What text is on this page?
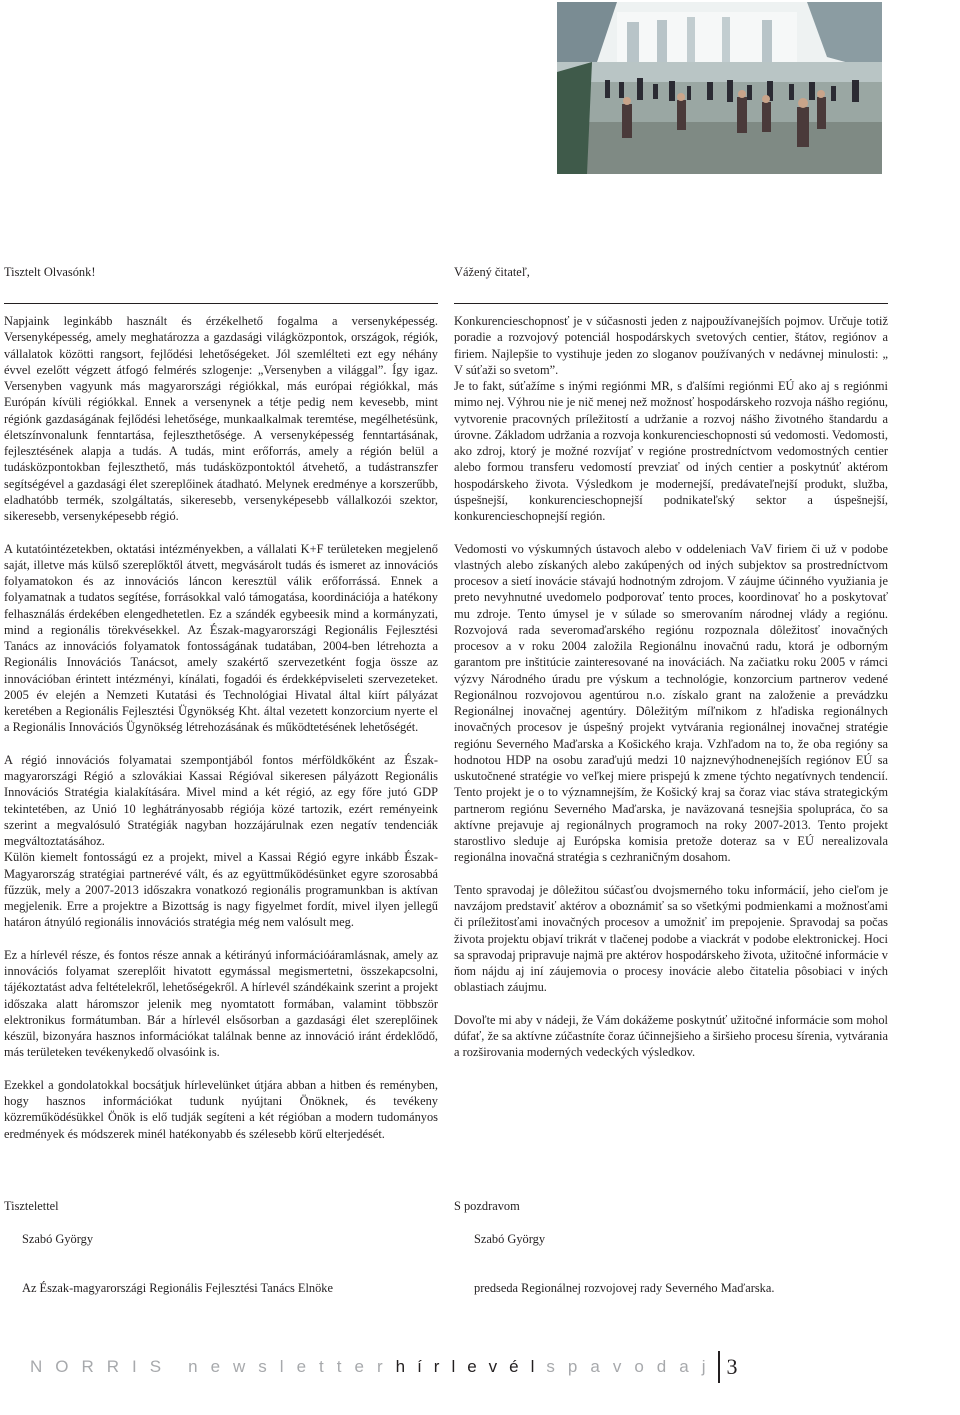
Tisztelt Olvasónk!

Napjaink leginkább használt és érzékelhető fogalma a versenyképesség. Versenyképesség, amely meghatározza a gazdasági világközpontok, országok, régiók, vállalatok közötti rangsort, fejlődési lehetőségeket. Jól szemlélteti ezt egy néhány évvel ezelőtt végzett átfogó felmérés szlogenje: „Versenyben a világgal”. Így igaz. Versenyben vagyunk más magyarországi régiókkal, más európai régiókkal, más Európán kívüli régiókkal. Ennek a versenynek a tétje pedig nem kevesebb, mint régiónk gazdaságának fejlődési lehetősége, munkaalkalmak teremtése, megélhetésünk, életszínvonalunk fenntartása, fejleszthetősége. A versenyképesség fenntartásának, fejlesztésének alapja a tudás. A tudás, mint erőforrás, amely a régión belül a tudásközpontokban fejleszthető, más tudásközpontoktól átvehető, a tudástranszfer segítségével a gazdasági élet szereplőinek átadható. Melynek eredménye a korszerűbb, eladhatóbb termék, szolgáltatás, sikeresebb, versenyképesebb vállalkozói szektor, sikeresebb, versenyképesebb régió.

A kutatóintézetekben, oktatási intézményekben, a vállalati K+F területeken megjelenő saját, illetve más külső szereplőktől átvett, megvásárolt tudás és ismeret az innovációs folyamatokon és az innovációs láncon keresztül válik erőforrássá. Ennek a folyamatnak a tudatos segítése, forrásokkal való támogatása, koordinációja a hatékony felhasználás érdekében elengedhetetlen. Ez a szándék egybeesik mind a kormányzati, mind a regionális törekvésekkel. Az Észak-magyarországi Regionális Fejlesztési Tanács az innovációs folyamatok fontosságának tudatában, 2004-ben létrehozta a Regionális Innovációs Tanácsot, amely szakértő szervezetként fogja össze az innovációban érintett intézményi, kínálati, fogadói és érdekképviseleti szervezeteket. 2005 év elején a Nemzeti Kutatási és Technológiai Hivatal által kiírt pályázat keretében a Regionális Fejlesztési Ügynökség Kht. által vezetett konzorcium nyerte el a Regionális Innovációs Ügynökség létrehozásának és működtetésének lehetőségét.

A régió innovációs folyamatai szempontjából fontos mérföldkőként az Észak-magyarországi Régió a szlovákiai Kassai Régióval sikeresen pályázott Regionális Innovációs Stratégia kialakítására. Mivel mind a két régió, az egy főre jutó GDP tekintetében, az Unió 10 leghátrányosabb régiója közé tartozik, ezért reményeink szerint a megvalósuló Stratégiák nagyban hozzájárulnak ezen negatív tendenciák megváltoztatásához.

Külön kiemelt fontosságú ez a projekt, mivel a Kassai Régió egyre inkább Észak-Magyarország stratégiai partnerévé vált, és az együttműködésünket egyre szorosabbá fűzzük, mely a 2007-2013 időszakra vonatkozó regionális programunkban is aktívan megjelenik. Erre a projektre a Bizottság is nagy figyelmet fordít, mivel ilyen jellegű határon átnyúló regionális innovációs stratégia még nem valósult meg.

Ez a hírlevél része, és fontos része annak a kétirányú információáramlásnak, amely az innovációs folyamat szereplőit hivatott egymással megismertetni, összekapcsolni, tájékoztatást adva feltételekről, lehetőségekről. A hírlevél szándékaink szerint a projekt időszaka alatt háromszor jelenik meg nyomtatott formában, valamint többször elektronikus formátumban. Bár a hírlevél elsősorban a gazdasági élet szereplőinek készül, bizonyára hasznos információkat találnak benne az innováció iránt érdeklődő, más területeken tevékenykedő olvasóink is.

Ezekkel a gondolatokkal bocsátjuk hírlevelünket útjára abban a hitben és reményben, hogy hasznos információkat tudunk nyújtani Önöknek, és tevékeny közreműködésükkel Önök is elő tudják segíteni a két régióban a modern tudományos eredmények és módszerek minél hatékonyabb és szélesebb körű elterjedését.

Tisztelettel
Szabó György
Az Észak-magyarországi Regionális Fejlesztési Tanács Elnöke
Vážený čitateľ,

Konkurencieschopnosť je v súčasnosti jeden z najpoužívanejších pojmov. Určuje totiž poradie a rozvojový potenciál hospodárskych svetových centier, štátov, regiónov a firiem. Najlepšie to vystihuje jeden zo sloganov používaných v nedávnej minulosti: „ V súťaži so svetom”.

Je to fakt, súťažíme s inými regiónmi MR, s ďalšími regiónmi EÚ ako aj s regiónmi mimo nej. Výhrou nie je nič menej než možnosť hospodárskeho rozvoja nášho regiónu, vytvorenie pracovných príležitostí a udržanie a rozvoj nášho životného štandardu a úrovne. Základom udržania a rozvoja konkurencieschopnosti sú vedomosti. Vedomosti, ako zdroj, ktorý je možné rozvíjať v regióne prostredníctvom vedomostných centier alebo formou transferu vedomostí prevziať od iných centier a poskytnúť aktérom hospodárskeho života. Výsledkom je modernejší, predávateľnejší produkt, služba, úspešnejší, konkurencieschopnejší podnikateľský sektor a úspešnejší, konkurencieschopnejší región.

Vedomosti vo výskumných ústavoch alebo v oddeleniach VaV firiem či už v podobe vlastných alebo získaných alebo zakúpených od iných subjektov sa prostredníctvom procesov a sietí inovácie stávajú hodnotným zdrojom. V záujme účinného využiania je preto nevyhnutné uvedomelo podporovať tento proces, koordinovať ho a poskytovať mu zdroje. Tento úmysel je v súlade so smerovaním národnej vlády a regiónu. Rozvojová rada severomaďarského regiónu rozpoznala dôležitosť inovačných procesov a v roku 2004 založila Regionálnu inovačnú radu, ktorá je odborným garantom pre inštitúcie zainteresované na inováciách. Na začiatku roku 2005 v rámci výzvy Národného úradu pre výskum a technológie, konzorcium partnerov vedené Regionálnou rozvojovou agentúrou n.o. získalo grant na založenie a prevádzku Regionálnej inovačnej agentúry. Dôležitým míľnikom z hľadiska regionálnych inovačných procesov je úspešný projekt vytvárania regionálnej inovačnej stratégie regiónu Severného Maďarska a Košického kraja. Vzhľadom na to, že oba regióny sa hodnotou HDP na osobu zaraďujú medzi 10 najznevýhodnenejších regiónov EÚ sa uskutočnené stratégie vo veľkej miere prispejú k zmene týchto negatívnych tendencií. Tento projekt je o to významnejším, že Košický kraj sa čoraz viac stáva strategickým partnerom regiónu Severného Maďarska, je naväzovaná tesnejšia spolupráca, čo sa aktívne prejavuje aj regionálnych programoch na roky 2007-2013. Tento projekt starostlivo sleduje aj Európska komisia pretože doteraz sa v EÚ nerealizovala regionálna inovačná stratégia s cezhraničným dosahom.

Tento spravodaj je dôležitou súčasťou dvojsmerného toku informácií, jeho cieľom je navzájom predstaviť aktérov a oboznámiť sa so všetkými podmienkami a možnosťami či príležitosťami inovačných procesov a umožniť im prepojenie. Spravodaj sa počas života projektu objaví trikrát v tlačenej podobe a viackrát v podobe elektronickej. Hoci sa spravodaj pripravuje najmä pre aktérov hospodárskeho života, užitočné informácie v ňom nájdu aj iní záujemovia o procesy inovácie alebo čitatelia pôsobiaci v iných oblastiach záujmu.

Dovoľte mi aby v nádeji, že Vám dokážeme poskytnúť užitočné informácie som mohol dúfať, že sa aktívne zúčastníte čoraz účinnejšieho a širšieho procesu šírenia, vytvárania a rozširovania moderných vedeckých výsledkov.

S pozdravom
Szabó György
predseda Regionálnej rozvojovej rady Severného Maďarska.
NORRIS newsletter hírlevél spavodaj 3
